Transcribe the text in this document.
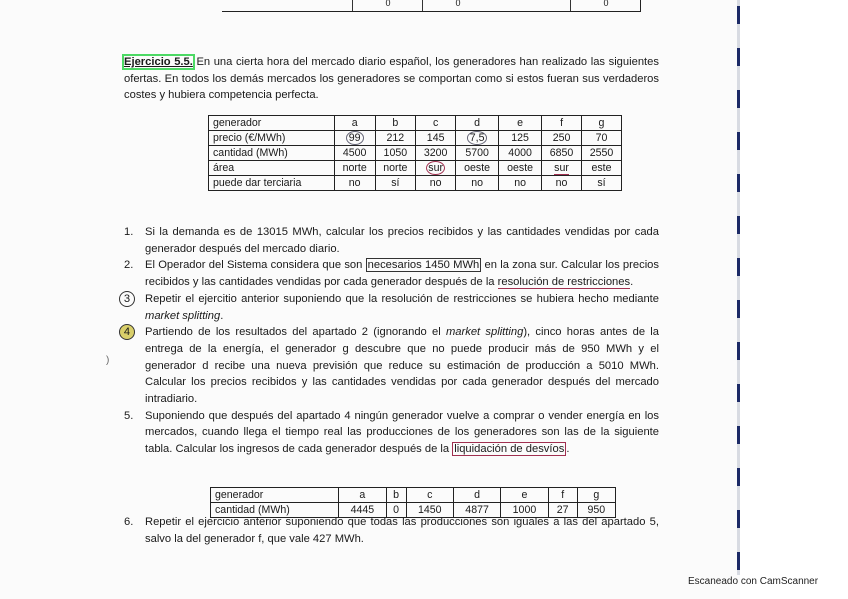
0	0	0
Ejercicio 5.5. En una cierta hora del mercado diario español, los generadores han realizado las siguientes ofertas. En todos los demás mercados los generadores se comportan como si estos fueran sus verdaderos costes y hubiera competencia perfecta.
generador	a	b	c	d	e	f	g
precio (€/MWh)	99	212	145	7,5	125	250	70
cantidad (MWh)	4500	1050	3200	5700	4000	6850	2550
área	norte	norte	sur	oeste	oeste	sur	este
puede dar terciaria	no	sí	no	no	no	no	sí
1. Si la demanda es de 13015 MWh, calcular los precios recibidos y las cantidades vendidas por cada generador después del mercado diario.
2. El Operador del Sistema considera que son necesarios 1450 MWh en la zona sur. Calcular los precios recibidos y las cantidades vendidas por cada generador después de la resolución de restricciones.
3	Repetir el ejercitio anterior suponiendo que la resolución de restricciones se hubiera hecho mediante market splitting.
4	Partiendo de los resultados del apartado 2 (ignorando el market splitting), cinco horas antes de la entrega de la energía, el generador g descubre que no puede producir más de 950 MWh y el generador d recibe una nueva previsión que reduce su estimación de producción a 5010 MWh. Calcular los precios recibidos y las cantidades vendidas por cada generador después del mercado intradiario.
5. Suponiendo que después del apartado 4 ningún generador vuelve a comprar o vender energía en los mercados, cuando llega el tiempo real las producciones de los generadores son las de la siguiente tabla. Calcular los ingresos de cada generador después de la liquidación de desvíos .
6. Repetir el ejercicio anterior suponiendo que todas las producciones son iguales a las del apartado 5, salvo la del generador f, que vale 427 MWh.
)
generador	a	b	c	d	e	f	g
cantidad (MWh)	4445	0	1450	4877	1000	27	950
Escaneado con CamScanner
